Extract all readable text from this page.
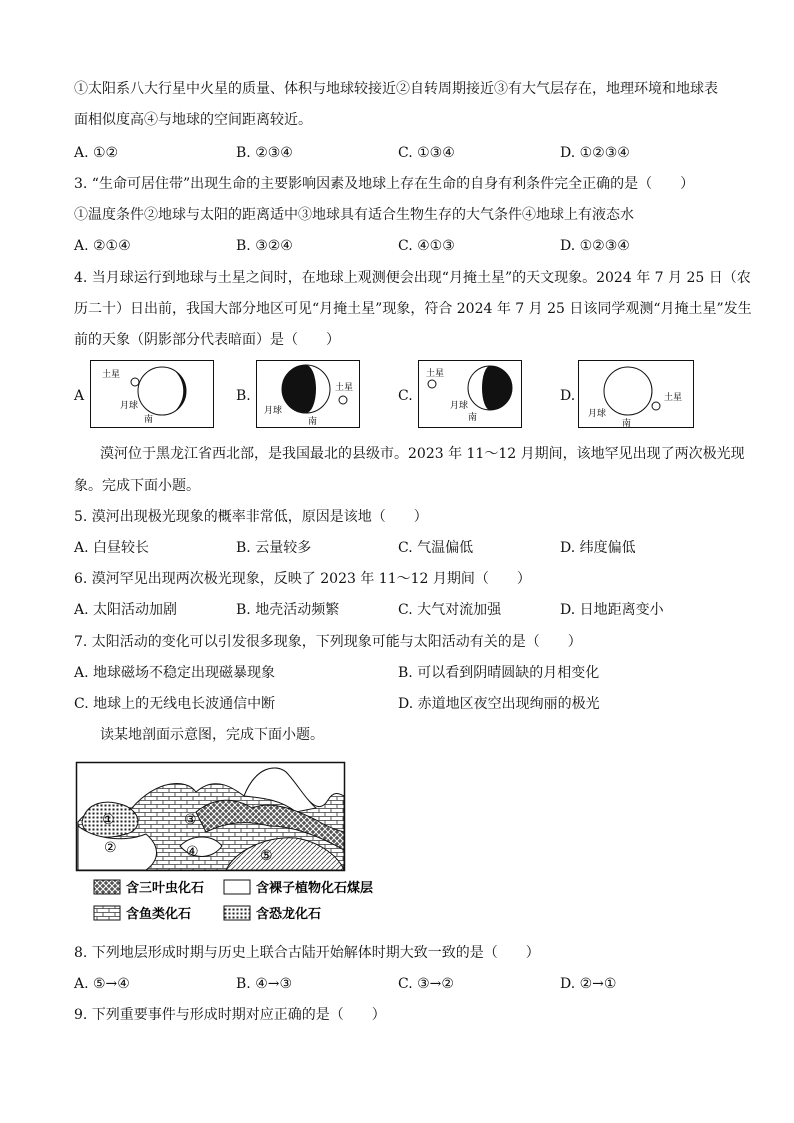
①太阳系八大行星中火星的质量、体积与地球较接近②自转周期接近③有大气层存在，地理环境和地球表
面相似度高④与地球的空间距离较近。
A. ①②	B. ②③④	C. ①③④	D. ①②③④
3. “生命可居住带”出现生命的主要影响因素及地球上存在生命的自身有利条件完全正确的是（　　）
①温度条件②地球与太阳的距离适中③地球具有适合生物生存的大气条件④地球上有液态水
A. ②①④	B. ③②④	C. ④①③	D. ①②③④
4. 当月球运行到地球与土星之间时，在地球上观测便会出现“月掩土星”的天文现象。2024 年 7 月 25 日（农
历二十）日出前，我国大部分地区可见“月掩土星”现象，符合 2024 年 7 月 25 日该同学观测“月掩土星”发生
前的天象（阴影部分代表暗面）是（　　）
A
土星
月球
南
B.	土星
月球
南
C.
土星
月球
南
D.	土星
月球
南
漠河位于黑龙江省西北部，是我国最北的县级市。2023 年 11～12 月期间，该地罕见出现了两次极光现
象。完成下面小题。
5. 漠河出现极光现象的概率非常低，原因是该地（　　）
A. 白昼较长	B. 云量较多	C. 气温偏低	D. 纬度偏低
6. 漠河罕见出现两次极光现象，反映了 2023 年 11～12 月期间（　　）
A. 太阳活动加剧	B. 地壳活动频繁	C. 大气对流加强	D. 日地距离变小
7. 太阳活动的变化可以引发很多现象，下列现象可能与太阳活动有关的是（　　）
A. 地球磁场不稳定出现磁暴现象	B. 可以看到阴晴圆缺的月相变化
C. 地球上的无线电长波通信中断	D. 赤道地区夜空出现绚丽的极光
读某地剖面示意图，完成下面小题。
①
②
③
④	⑤
含三叶虫化石	含裸子植物化石煤层
含鱼类化石	含恐龙化石
8. 下列地层形成时期与历史上联合古陆开始解体时期大致一致的是（　　）
A. ⑤→④	B. ④→③	C. ③→②	D. ②→①
9. 下列重要事件与形成时期对应正确的是（　　）
